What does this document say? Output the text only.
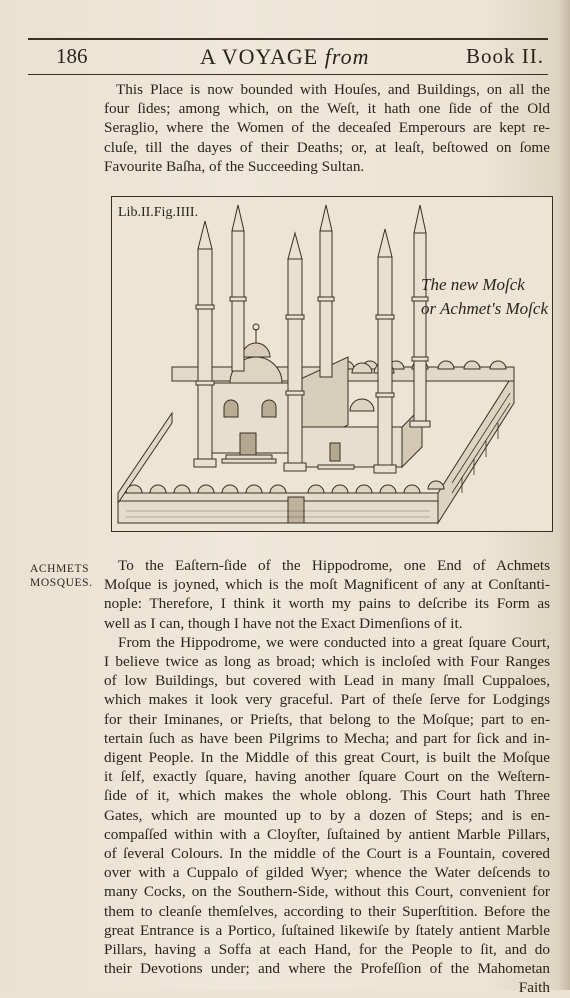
186	A VOYAGE from	Book II.
This Place is now bounded with Houſes, and Buildings, on all the
four ſides; among which, on the Weſt, it hath one ſide of the Old
Seraglio, where the Women of the deceaſed Emperours are kept re-
cluſe, till the dayes of their Deaths; or, at leaſt, beſtowed on ſome
Favourite Baſha, of the Succeeding Sultan.
Lib.II.Fig.IIII.
The new Moſck
or Achmet's Moſck
ACHMETS
MOSQUES.
To the Eaſtern-ſide of the Hippodrome, one End of Achmets
Moſque is joyned, which is the moſt Magnificent of any at Conſtanti-
nople: Therefore, I think it worth my pains to deſcribe its Form as
well as I can, though I have not the Exact Dimenſions of it.
From the Hippodrome, we were conducted into a great ſquare Court,
I believe twice as long as broad; which is incloſed with Four Ranges
of low Buildings, but covered with Lead in many ſmall Cuppaloes,
which makes it look very graceful. Part of theſe ſerve for Lodgings
for their Iminanes, or Prieſts, that belong to the Moſque; part to en-
tertain ſuch as have been Pilgrims to Mecha; and part for ſick and in-
digent People. In the Middle of this great Court, is built the Moſque
it ſelf, exactly ſquare, having another ſquare Court on the Weſtern-
ſide of it, which makes the whole oblong. This Court hath Three
Gates, which are mounted up to by a dozen of Steps; and is en-
compaſſed within with a Cloyſter, ſuſtained by antient Marble Pillars,
of ſeveral Colours. In the middle of the Court is a Fountain, covered
over with a Cuppalo of gilded Wyer; whence the Water deſcends to
many Cocks, on the Southern-Side, without this Court, convenient for
them to cleanſe themſelves, according to their Superſtition. Before the
great Entrance is a Portico, ſuſtained likewiſe by ſtately antient Marble
Pillars, having a Soffa at each Hand, for the People to ſit, and do
their Devotions under; and where the Profeſſion of the Mahometan
Faith
